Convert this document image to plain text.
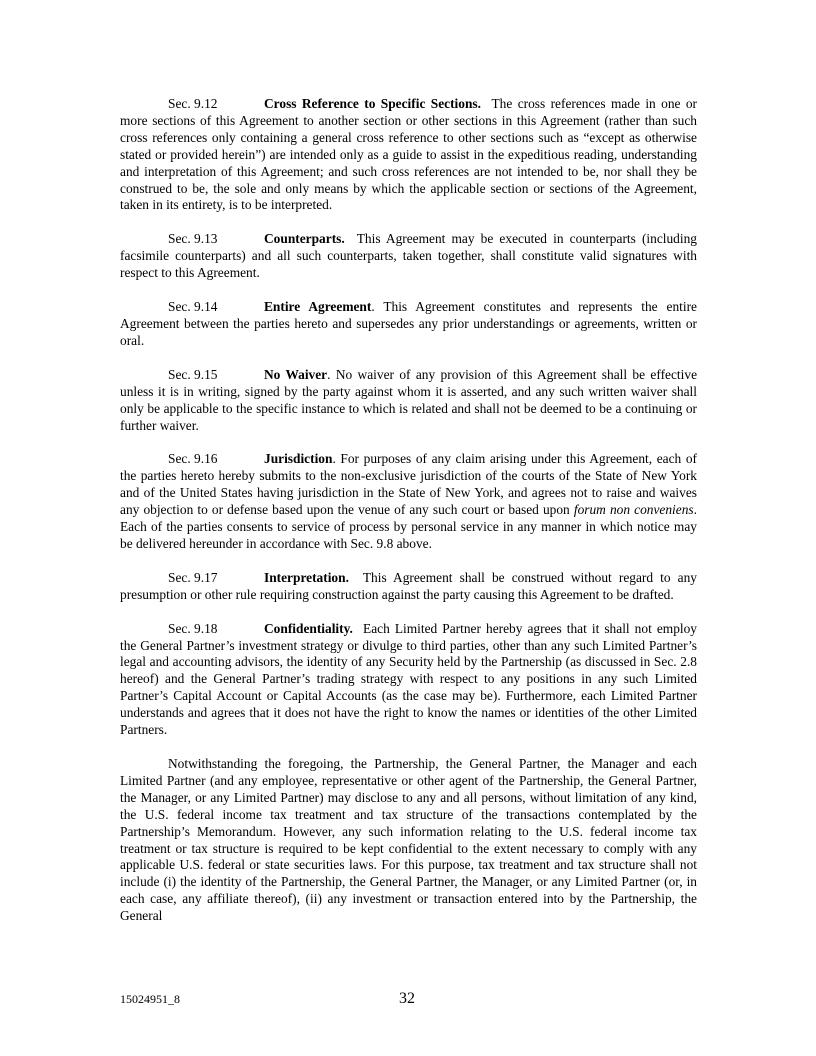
Sec. 9.12	Cross Reference to Specific Sections. The cross references made in one or more sections of this Agreement to another section or other sections in this Agreement (rather than such cross references only containing a general cross reference to other sections such as “except as otherwise stated or provided herein”) are intended only as a guide to assist in the expeditious reading, understanding and interpretation of this Agreement; and such cross references are not intended to be, nor shall they be construed to be, the sole and only means by which the applicable section or sections of the Agreement, taken in its entirety, is to be interpreted.

Sec. 9.13	Counterparts. This Agreement may be executed in counterparts (including facsimile counterparts) and all such counterparts, taken together, shall constitute valid signatures with respect to this Agreement.

Sec. 9.14	Entire Agreement. This Agreement constitutes and represents the entire Agreement between the parties hereto and supersedes any prior understandings or agreements, written or oral.

Sec. 9.15	No Waiver. No waiver of any provision of this Agreement shall be effective unless it is in writing, signed by the party against whom it is asserted, and any such written waiver shall only be applicable to the specific instance to which is related and shall not be deemed to be a continuing or further waiver.

Sec. 9.16	Jurisdiction. For purposes of any claim arising under this Agreement, each of the parties hereto hereby submits to the non-exclusive jurisdiction of the courts of the State of New York and of the United States having jurisdiction in the State of New York, and agrees not to raise and waives any objection to or defense based upon the venue of any such court or based upon forum non conveniens. Each of the parties consents to service of process by personal service in any manner in which notice may be delivered hereunder in accordance with Sec. 9.8 above.

Sec. 9.17	Interpretation. This Agreement shall be construed without regard to any presumption or other rule requiring construction against the party causing this Agreement to be drafted.

Sec. 9.18	Confidentiality. Each Limited Partner hereby agrees that it shall not employ the General Partner’s investment strategy or divulge to third parties, other than any such Limited Partner’s legal and accounting advisors, the identity of any Security held by the Partnership (as discussed in Sec. 2.8 hereof) and the General Partner’s trading strategy with respect to any positions in any such Limited Partner’s Capital Account or Capital Accounts (as the case may be). Furthermore, each Limited Partner understands and agrees that it does not have the right to know the names or identities of the other Limited Partners.

Notwithstanding the foregoing, the Partnership, the General Partner, the Manager and each Limited Partner (and any employee, representative or other agent of the Partnership, the General Partner, the Manager, or any Limited Partner) may disclose to any and all persons, without limitation of any kind, the U.S. federal income tax treatment and tax structure of the transactions contemplated by the Partnership’s Memorandum. However, any such information relating to the U.S. federal income tax treatment or tax structure is required to be kept confidential to the extent necessary to comply with any applicable U.S. federal or state securities laws. For this purpose, tax treatment and tax structure shall not include (i) the identity of the Partnership, the General Partner, the Manager, or any Limited Partner (or, in each case, any affiliate thereof), (ii) any investment or transaction entered into by the Partnership, the General

15024951_8	32
